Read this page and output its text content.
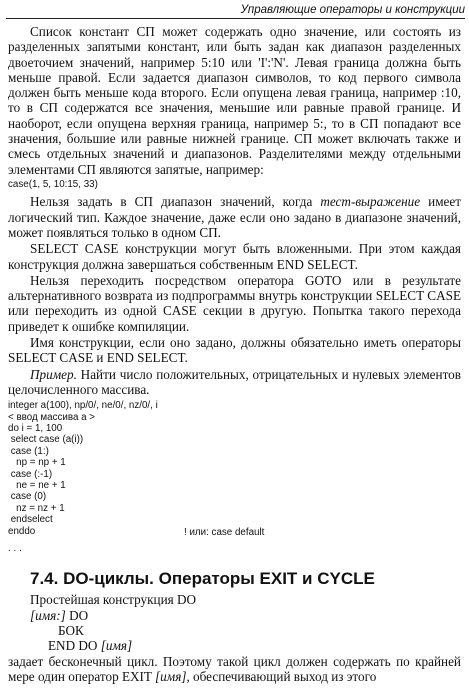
Управляющие операторы и конструкции

Список констант СП может содержать одно значение, или состоять из разделенных запятыми констант, или быть задан как диапазон разделенных двоеточием значений, например 5:10 или 'I':'N'. Левая граница должна быть меньше правой. Если задается диапазон символов, то код первого символа должен быть меньше кода второго. Если опущена левая граница, например :10, то в СП содержатся все значения, меньшие или равные правой границе. И наоборот, если опущена верхняя граница, например 5:, то в СП попадают все значения, большие или равные нижней границе. СП может включать также и смесь отдельных значений и диапазонов. Разделителями между отдельными элементами СП являются запятые, например:

case(1, 5, 10:15, 33)

Нельзя задать в СП диапазон значений, когда тест-выражение имеет логический тип. Каждое значение, даже если оно задано в диапазоне значений, может появляться только в одном СП.

SELECT CASE конструкции могут быть вложенными. При этом каждая конструкция должна завершаться собственным END SELECT.

Нельзя переходить посредством оператора GOTO или в результате альтернативного возврата из подпрограммы внутрь конструкции SELECT CASE или переходить из одной CASE секции в другую. Попытка такого перехода приведет к ошибке компиляции.

Имя конструкции, если оно задано, должны обязательно иметь операторы SELECT CASE и END SELECT.

Пример. Найти число положительных, отрицательных и нулевых элементов целочисленного массива.

integer a(100), np/0/, ne/0/, nz/0/, i
< ввод массива a >
do i = 1, 100
select case (a(i))
case (1:)
np = np + 1
case (:-1)
ne = ne + 1
case (0)
nz = nz + 1
endselect
enddo	! или: case default
. . .
7.4. DO-циклы. Операторы EXIT и CYCLE

Простейшая конструкция DO

[имя:] DO
БОК
END DO [имя]

задает бесконечный цикл. Поэтому такой цикл должен содержать по крайней мере один оператор EXIT [имя], обеспечивающий выход из этого
